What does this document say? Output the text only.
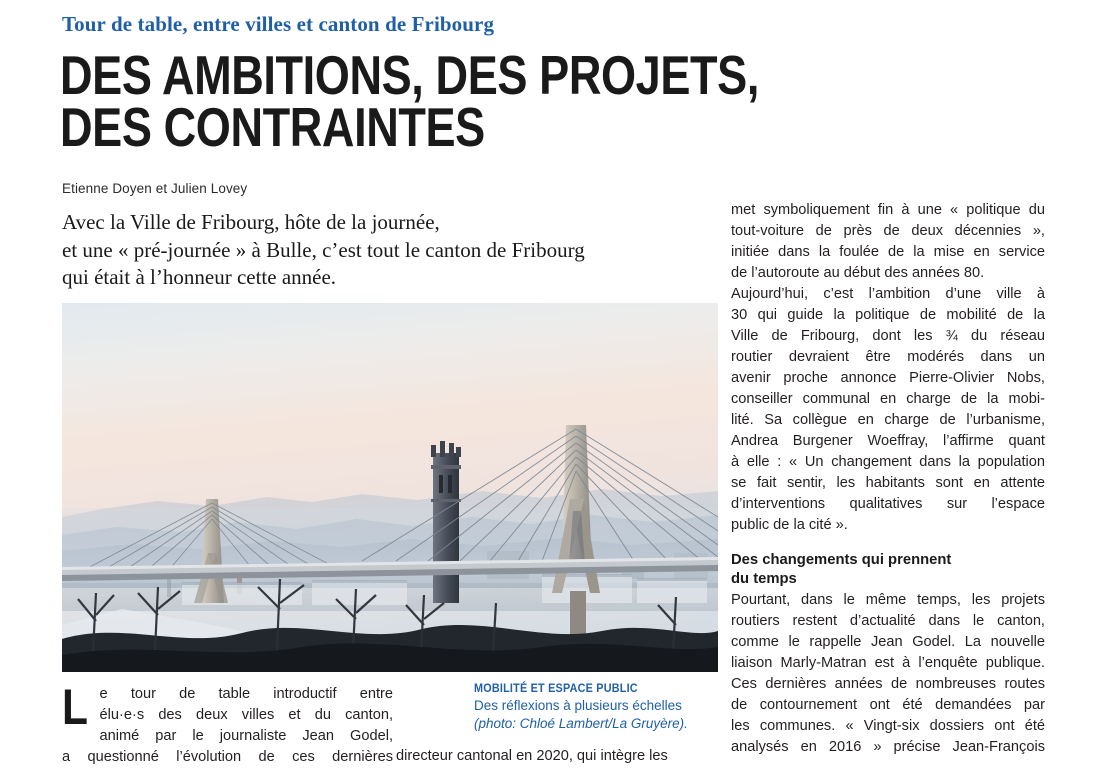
Tour de table, entre villes et canton de Fribourg
DES AMBITIONS, DES PROJETS,
DES CONTRAINTES
Etienne Doyen et Julien Lovey
Avec la Ville de Fribourg, hôte de la journée,
et une « pré-journée » à Bulle, c’est tout le canton de Fribourg
qui était à l’honneur cette année.
MOBILITÉ ET ESPACE PUBLIC
Des réflexions à plusieurs échelles
(photo: Chloé Lambert/La Gruyère).
L e tour de table introductif entre
élu·e·s des deux villes et du canton,
animé par le journaliste Jean Godel,
a questionné l’évolution de ces dernières directeur cantonal en 2020, qui intègre les

met symboliquement fin à une « politique du
tout-voiture de près de deux décennies »,
initiée dans la foulée de la mise en service
de l’autoroute au début des années 80.

Aujourd’hui, c’est l’ambition d’une ville à
30 qui guide la politique de mobilité de la
Ville de Fribourg, dont les ¾ du réseau
routier devraient être modérés dans un
avenir proche annonce Pierre-Olivier Nobs,
conseiller communal en charge de la mobi-
lité. Sa collègue en charge de l’urbanisme,
Andrea Burgener Woeffray, l’affirme quant
à elle : « Un changement dans la population
se fait sentir, les habitants sont en attente
d’interventions qualitatives sur l’espace
public de la cité ».

Des changements qui prennent
du temps

Pourtant, dans le même temps, les projets
routiers restent d’actualité dans le canton,
comme le rappelle Jean Godel. La nouvelle
liaison Marly-Matran est à l’enquête publique.
Ces dernières années de nombreuses routes
de contournement ont été demandées par
les communes. « Vingt-six dossiers ont été
analysés en 2016 » précise Jean-François
